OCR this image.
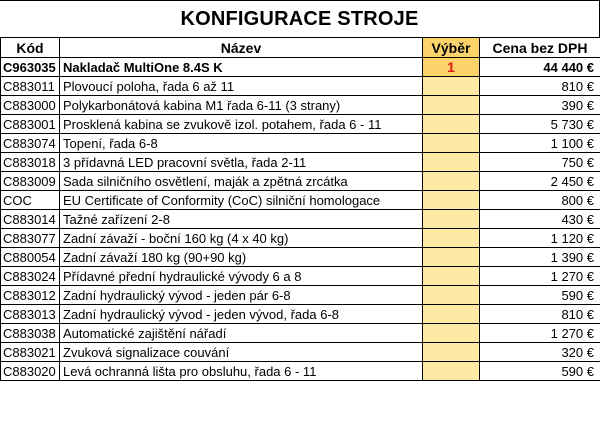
KONFIGURACE STROJE
Kód	Název	Výběr	Cena bez DPH
C963035	Nakladač MultiOne 8.4S K	1	44 440 €
C883011	Plovoucí poloha, řada 6 až 11		810 €
C883000	Polykarbonátová kabina M1 řada 6-11 (3 strany)		390 €
C883001	Prosklená kabina se zvukově izol. potahem, řada 6 - 11		5 730 €
C883074	Topení, řada 6-8		1 100 €
C883018	3 přídavná LED pracovní světla, řada 2-11		750 €
C883009	Sada silničního osvětlení, maják a zpětná zrcátka		2 450 €
COC	EU Certificate of Conformity (CoC) silniční homologace		800 €
C883014	Tažné zařízení 2-8		430 €
C883077	Zadní závaží - boční 160 kg (4 x 40 kg)		1 120 €
C880054	Zadní závaží 180 kg (90+90 kg)		1 390 €
C883024	Přídavné přední hydraulické vývody 6 a 8		1 270 €
C883012	Zadní hydraulický vývod - jeden pár 6-8		590 €
C883013	Zadní hydraulický vývod - jeden vývod, řada 6-8		810 €
C883038	Automatické zajištění nářadí		1 270 €
C883021	Zvuková signalizace couvání		320 €
C883020	Levá ochranná lišta pro obsluhu, řada 6 - 11		590 €
